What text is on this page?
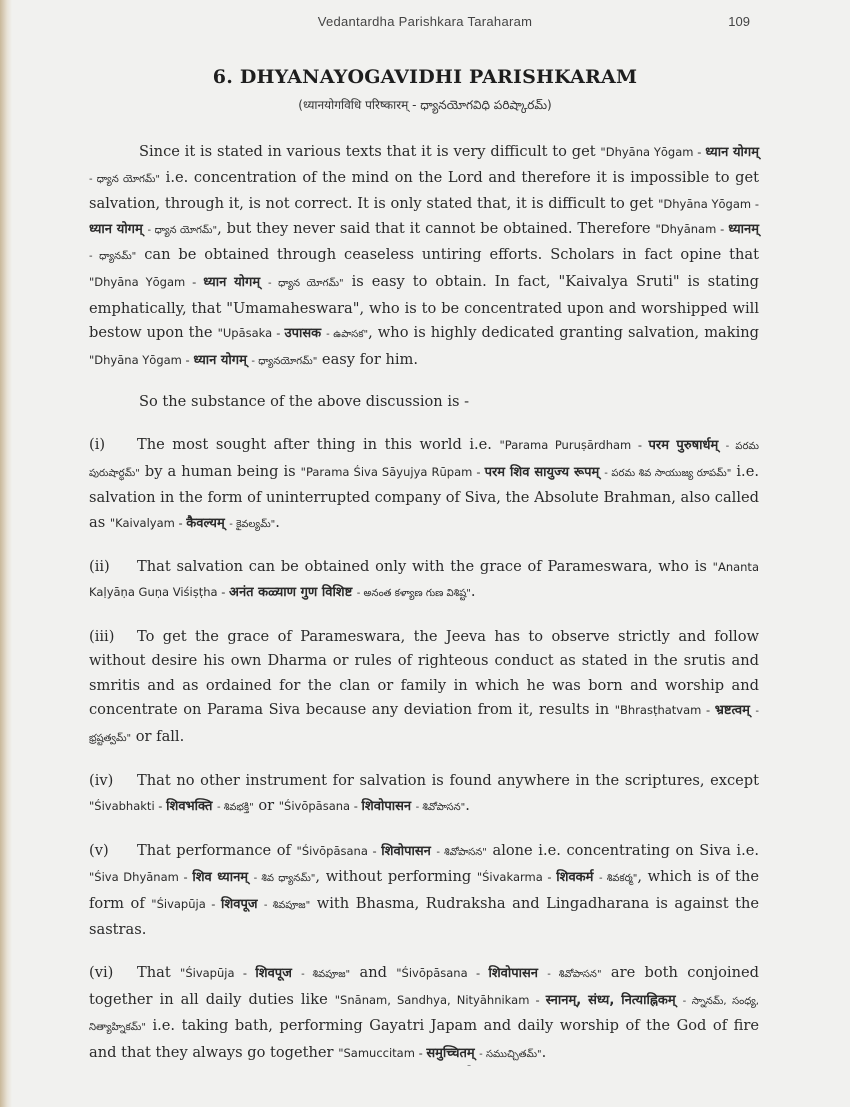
Vedantardha Parishkara Taraharam	109
6. DHYANAYOGAVIDHI PARISHKARAM
(ध्यानयोगविधि परिष्कारम् - ధ్యానయోగవిధి పరిష్కారమ్)

Since it is stated in various texts that it is very difficult to get "Dhyāna Yōgam - ध्यान योगम् - ధ్యాన యోగమ్" i.e. concentration of the mind on the Lord and therefore it is impossible to get salvation, through it, is not correct. It is only stated that, it is difficult to get "Dhyāna Yōgam - ध्यान योगम् - ధ్యాన యోగమ్", but they never said that it cannot be obtained. Therefore "Dhyānam - ध्यानम् - ధ్యానమ్" can be obtained through ceaseless untiring efforts. Scholars in fact opine that "Dhyāna Yōgam - ध्यान योगम् - ధ్యాన యోగమ్" is easy to obtain. In fact, "Kaivalya Sruti" is stating emphatically, that "Umamaheswara", who is to be concentrated upon and worshipped will bestow upon the "Upāsaka - उपासक - ఉపాసక", who is highly dedicated granting salvation, making "Dhyāna Yōgam - ध्यान योगम् - ధ్యానయోగమ్" easy for him.

So the substance of the above discussion is -

(i) The most sought after thing in this world i.e. "Parama Puruṣārdham - परम पुरुषार्धम् - పరమ పురుషార్ధమ్" by a human being is "Parama Śiva Sāyujya Rūpam - परम शिव सायुज्य रूपम् - పరమ శివ సాయుజ్య రూపమ్" i.e. salvation in the form of uninterrupted company of Siva, the Absolute Brahman, also called as "Kaivalyam - कैवल्यम् - కైవల్యమ్".

(ii) That salvation can be obtained only with the grace of Parameswara, who is "Ananta Kaḷyāṇa Guṇa Viśiṣṭha - अनंत कळ्याण गुण विशिष्ट - అనంత కళ్యాణ గుణ విశిష్ట".

(iii) To get the grace of Parameswara, the Jeeva has to observe strictly and follow without desire his own Dharma or rules of righteous conduct as stated in the srutis and smritis and as ordained for the clan or family in which he was born and worship and concentrate on Parama Siva because any deviation from it, results in "Bhrasṭhatvam - भ्रष्टत्वम् - భ్రష్టత్వమ్" or fall.

(iv) That no other instrument for salvation is found anywhere in the scriptures, except "Śivabhakti - शिवभक्ति - శివభక్తి" or "Śivōpāsana - शिवोपासन - శివోపాసన".

(v) That performance of "Śivōpāsana - शिवोपासन - శివోపాసన" alone i.e. concentrating on Siva i.e. "Śiva Dhyānam - शिव ध्यानम् - శివ ధ్యానమ్", without performing "Śivakarma - शिवकर्म - శివకర్మ", which is of the form of "Śivapūja - शिवपूज - శివపూజ" with Bhasma, Rudraksha and Lingadharana is against the sastras.

(vi) That "Śivapūja - शिवपूज - శివపూజ" and "Śivōpāsana - शिवोपासन - శివోపాసన" are both conjoined together in all daily duties like "Snānam, Sandhya, Nityāhnikam - स्नानम्, संध्य, नित्याह्निकम् - స్నానమ్, సంధ్య, నిత్యాహ్నికమ్" i.e. taking bath, performing Gayatri Japam and daily worship of the God of fire and that they always go together "Samuccitam - समुच्चितम् - సముచ్చితమ్".

-
